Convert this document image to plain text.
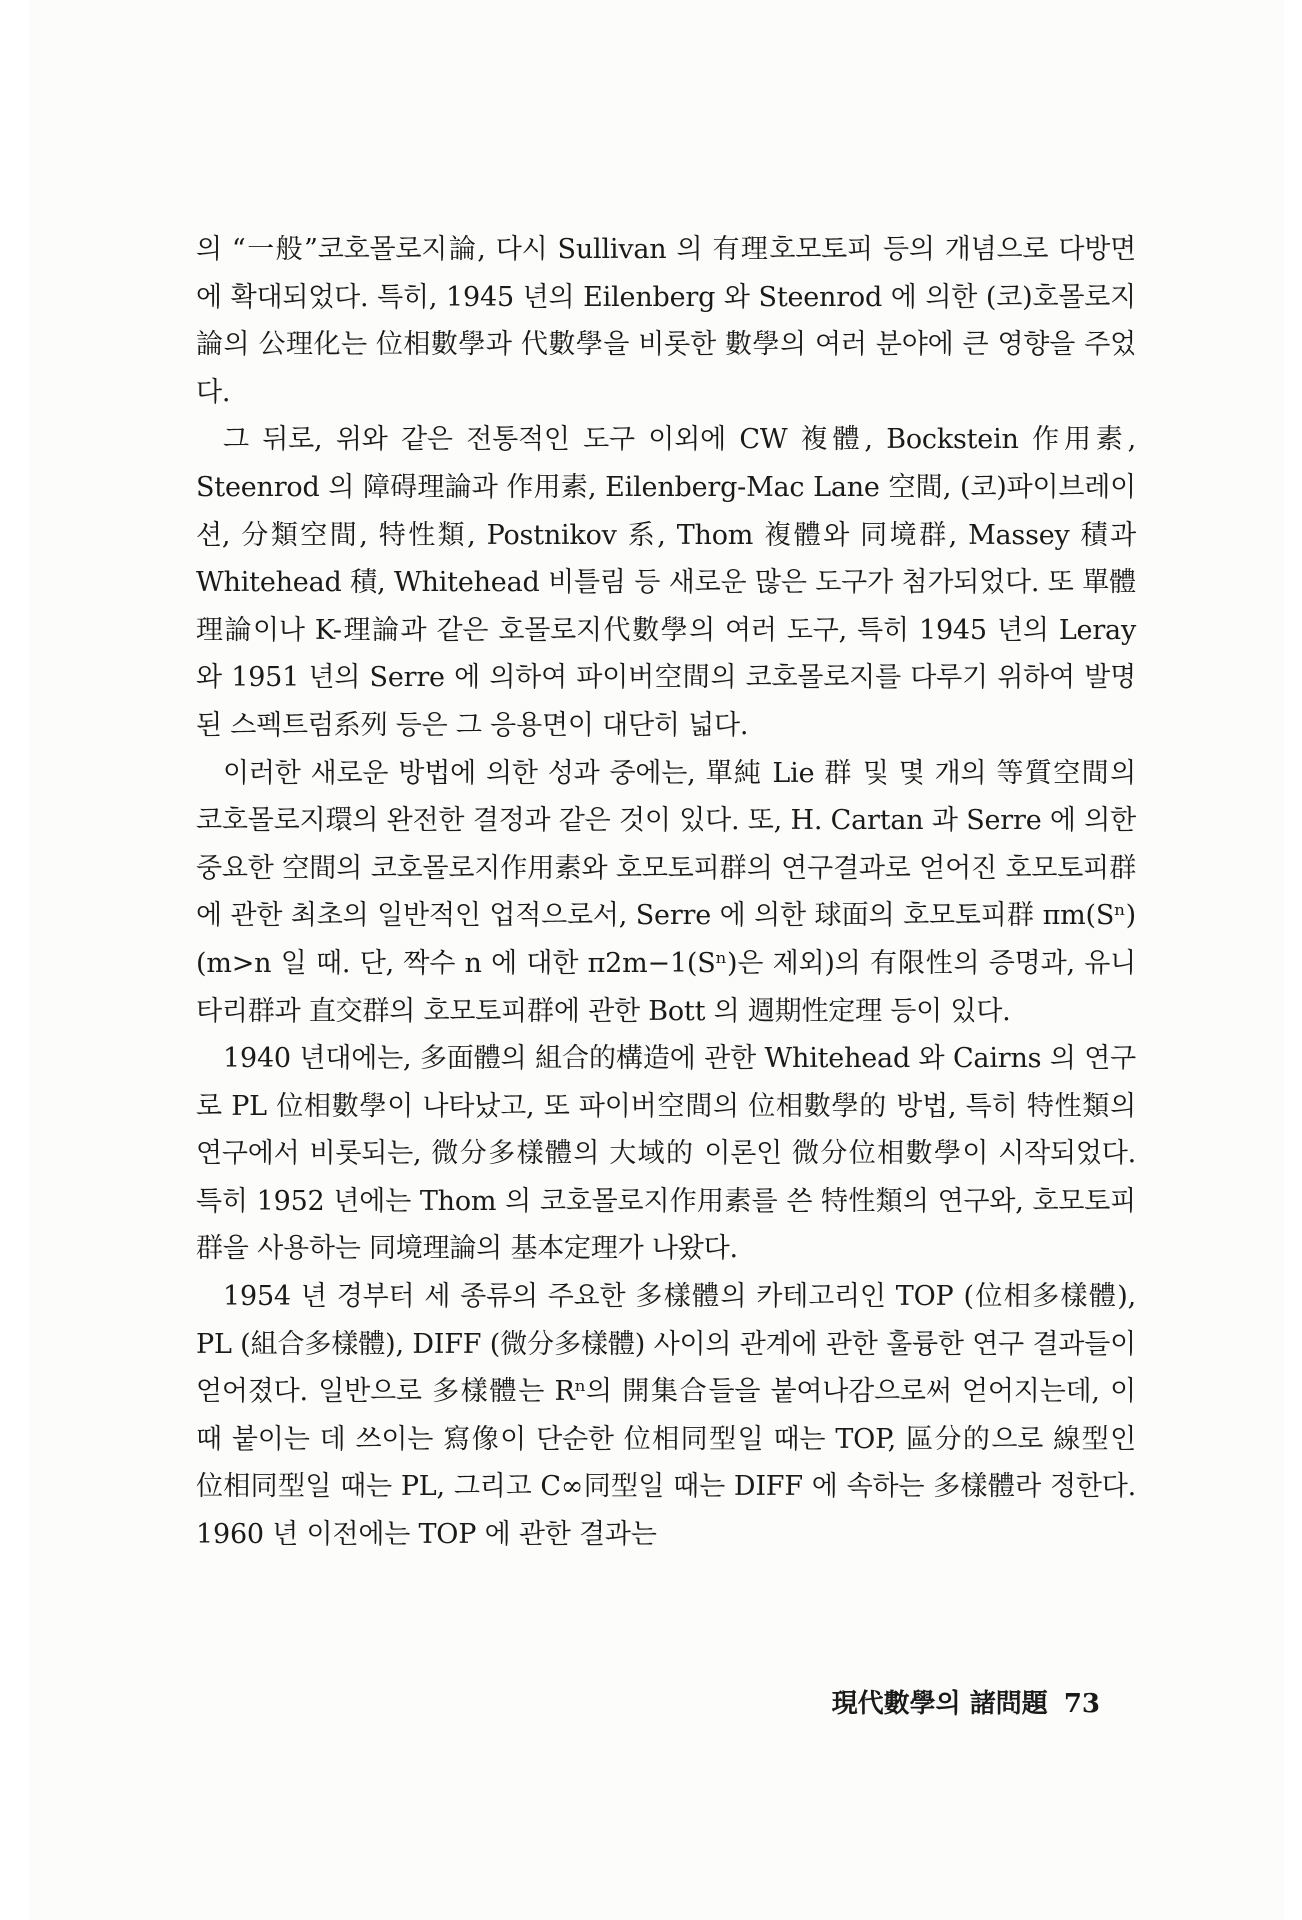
의 “一般”코호몰로지論, 다시 Sullivan 의 有理호모토피 등의 개념으로 다방면에 확대되었다. 특히, 1945 년의 Eilenberg 와 Steenrod 에 의한 (코)호몰로지論의 公理化는 位相數學과 代數學을 비롯한 數學의 여러 분야에 큰 영향을 주었다.

그 뒤로, 위와 같은 전통적인 도구 이외에 CW 複體, Bockstein 作用素, Steenrod 의 障碍理論과 作用素, Eilenberg-Mac Lane 空間, (코)파이브레이션, 分類空間, 特性類, Postnikov 系, Thom 複體와 同境群, Massey 積과 Whitehead 積, Whitehead 비틀림 등 새로운 많은 도구가 첨가되었다. 또 單體理論이나 K-理論과 같은 호몰로지代數學의 여러 도구, 특히 1945 년의 Leray 와 1951 년의 Serre 에 의하여 파이버空間의 코호몰로지를 다루기 위하여 발명된 스펙트럼系列 등은 그 응용면이 대단히 넓다.

이러한 새로운 방법에 의한 성과 중에는, 單純 Lie 群 및 몇 개의 等質空間의 코호몰로지環의 완전한 결정과 같은 것이 있다. 또, H. Cartan 과 Serre 에 의한 중요한 空間의 코호몰로지作用素와 호모토피群의 연구결과로 얻어진 호모토피群에 관한 최초의 일반적인 업적으로서, Serre 에 의한 球面의 호모토피群 πm(Sⁿ) (m>n 일 때. 단, 짝수 n 에 대한 π2m−1(Sⁿ)은 제외)의 有限性의 증명과, 유니타리群과 直交群의 호모토피群에 관한 Bott 의 週期性定理 등이 있다.

1940 년대에는, 多面體의 組合的構造에 관한 Whitehead 와 Cairns 의 연구로 PL 位相數學이 나타났고, 또 파이버空間의 位相數學的 방법, 특히 特性類의 연구에서 비롯되는, 微分多樣體의 大域的 이론인 微分位相數學이 시작되었다. 특히 1952 년에는 Thom 의 코호몰로지作用素를 쓴 特性類의 연구와, 호모토피群을 사용하는 同境理論의 基本定理가 나왔다.

1954 년 경부터 세 종류의 주요한 多樣體의 카테고리인 TOP (位相多樣體), PL (組合多樣體), DIFF (微分多樣體) 사이의 관계에 관한 훌륭한 연구 결과들이 얻어졌다. 일반으로 多樣體는 Rⁿ의 開集合들을 붙여나감으로써 얻어지는데, 이때 붙이는 데 쓰이는 寫像이 단순한 位相同型일 때는 TOP, 區分的으로 線型인 位相同型일 때는 PL, 그리고 C∞同型일 때는 DIFF 에 속하는 多樣體라 정한다. 1960 년 이전에는 TOP 에 관한 결과는

現代數學의 諸問題 73
